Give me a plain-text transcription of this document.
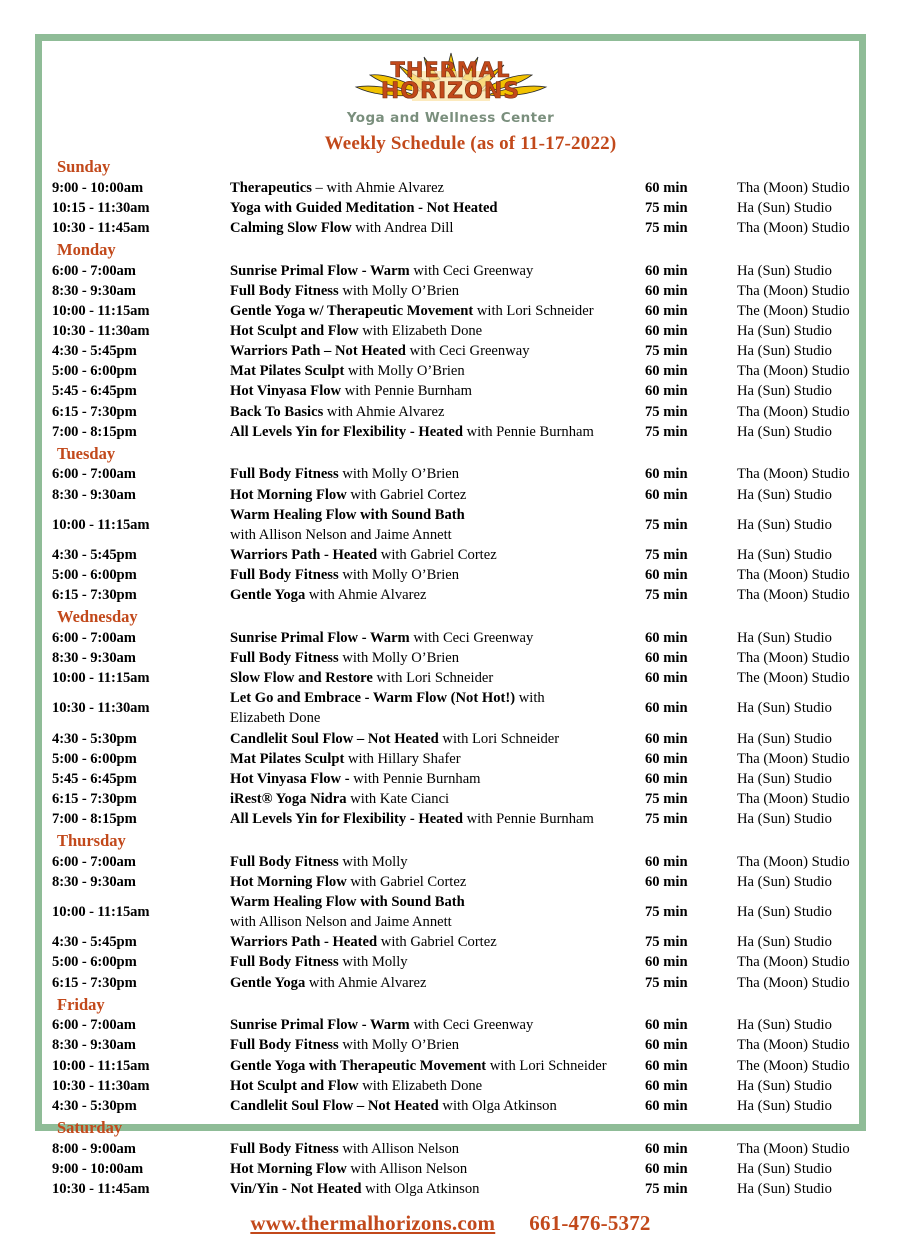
THERMAL
HORIZONS
Yoga and Wellness Center
Weekly Schedule (as of 11-17-2022)
Sunday
9:00 - 10:00am	Therapeutics – with Ahmie Alvarez	60 min	Tha (Moon) Studio
10:15 - 11:30am	Yoga with Guided Meditation - Not Heated	75 min	Ha (Sun) Studio
10:30 - 11:45am	Calming Slow Flow with Andrea Dill	75 min	Tha (Moon) Studio
Monday
6:00 - 7:00am	Sunrise Primal Flow - Warm with Ceci Greenway	60 min	Ha (Sun) Studio
8:30 - 9:30am	Full Body Fitness with Molly O’Brien	60 min	Tha (Moon) Studio
10:00 - 11:15am	Gentle Yoga w/ Therapeutic Movement with Lori Schneider	60 min	The (Moon) Studio
10:30 - 11:30am	Hot Sculpt and Flow with Elizabeth Done	60 min	Ha (Sun) Studio
4:30 - 5:45pm	Warriors Path – Not Heated with Ceci Greenway	75 min	Ha (Sun) Studio
5:00 - 6:00pm	Mat Pilates Sculpt with Molly O’Brien	60 min	Tha (Moon) Studio
5:45 - 6:45pm	Hot Vinyasa Flow with Pennie Burnham	60 min	Ha (Sun) Studio
6:15 - 7:30pm	Back To Basics with Ahmie Alvarez	75 min	Tha (Moon) Studio
7:00 - 8:15pm	All Levels Yin for Flexibility - Heated with Pennie Burnham	75 min	Ha (Sun) Studio
Tuesday
6:00 - 7:00am	Full Body Fitness with Molly O’Brien	60 min	Tha (Moon) Studio
8:30 - 9:30am	Hot Morning Flow with Gabriel Cortez	60 min	Ha (Sun) Studio
10:00 - 11:15am	Warm Healing Flow with Sound Bath
with Allison Nelson and Jaime Annett	75 min	Ha (Sun) Studio
4:30 - 5:45pm	Warriors Path - Heated with Gabriel Cortez	75 min	Ha (Sun) Studio
5:00 - 6:00pm	Full Body Fitness with Molly O’Brien	60 min	Tha (Moon) Studio
6:15 - 7:30pm	Gentle Yoga with Ahmie Alvarez	75 min	Tha (Moon) Studio
Wednesday
6:00 - 7:00am	Sunrise Primal Flow - Warm with Ceci Greenway	60 min	Ha (Sun) Studio
8:30 - 9:30am	Full Body Fitness with Molly O’Brien	60 min	Tha (Moon) Studio
10:00 - 11:15am	Slow Flow and Restore with Lori Schneider	60 min	The (Moon) Studio
10:30 - 11:30am	Let Go and Embrace - Warm Flow (Not Hot!) with
Elizabeth Done	60 min	Ha (Sun) Studio
4:30 - 5:30pm	Candlelit Soul Flow – Not Heated with Lori Schneider	60 min	Ha (Sun) Studio
5:00 - 6:00pm	Mat Pilates Sculpt with Hillary Shafer	60 min	Tha (Moon) Studio
5:45 - 6:45pm	Hot Vinyasa Flow - with Pennie Burnham	60 min	Ha (Sun) Studio
6:15 - 7:30pm	iRest® Yoga Nidra with Kate Cianci	75 min	Tha (Moon) Studio
7:00 - 8:15pm	All Levels Yin for Flexibility - Heated with Pennie Burnham	75 min	Ha (Sun) Studio
Thursday
6:00 - 7:00am	Full Body Fitness with Molly	60 min	Tha (Moon) Studio
8:30 - 9:30am	Hot Morning Flow with Gabriel Cortez	60 min	Ha (Sun) Studio
10:00 - 11:15am	Warm Healing Flow with Sound Bath
with Allison Nelson and Jaime Annett	75 min	Ha (Sun) Studio
4:30 - 5:45pm	Warriors Path - Heated with Gabriel Cortez	75 min	Ha (Sun) Studio
5:00 - 6:00pm	Full Body Fitness with Molly	60 min	Tha (Moon) Studio
6:15 - 7:30pm	Gentle Yoga with Ahmie Alvarez	75 min	Tha (Moon) Studio
Friday
6:00 - 7:00am	Sunrise Primal Flow - Warm with Ceci Greenway	60 min	Ha (Sun) Studio
8:30 - 9:30am	Full Body Fitness with Molly O’Brien	60 min	Tha (Moon) Studio
10:00 - 11:15am	Gentle Yoga with Therapeutic Movement with Lori Schneider	60 min	The (Moon) Studio
10:30 - 11:30am	Hot Sculpt and Flow with Elizabeth Done	60 min	Ha (Sun) Studio
4:30 - 5:30pm	Candlelit Soul Flow – Not Heated with Olga Atkinson	60 min	Ha (Sun) Studio
Saturday
8:00 - 9:00am	Full Body Fitness with Allison Nelson	60 min	Tha (Moon) Studio
9:00 - 10:00am	Hot Morning Flow with Allison Nelson	60 min	Ha (Sun) Studio
10:30 - 11:45am	Vin/Yin - Not Heated with Olga Atkinson	75 min	Ha (Sun) Studio
www.thermalhorizons.com 661-476-5372
